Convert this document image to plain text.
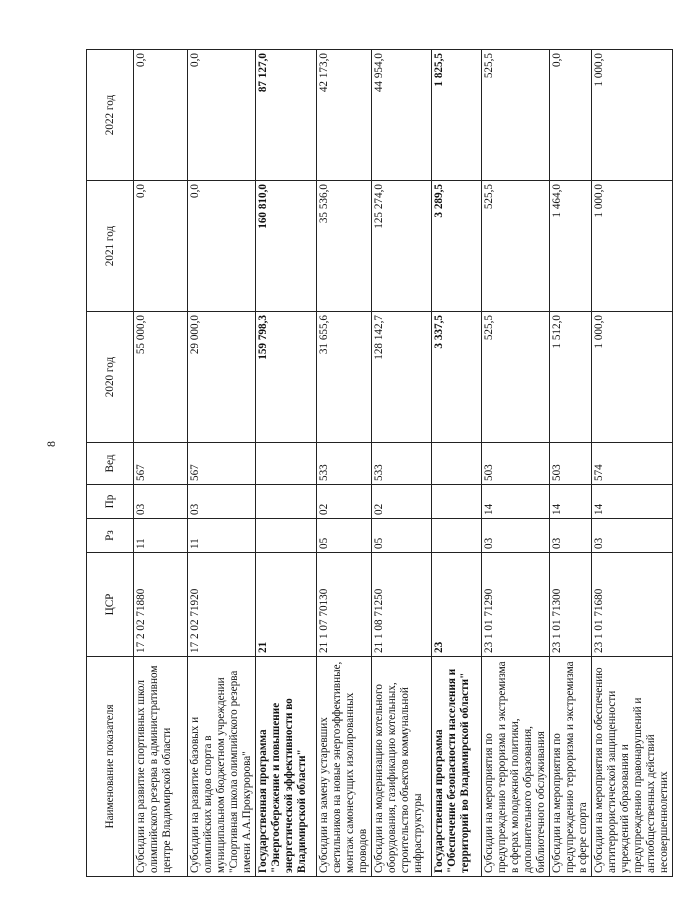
8
Наименование показателя	ЦСР	Рз	Пр	Вед	2020 год	2021 год	2022 год
Субсидии на развитие спортивных школ олимпийского резерва в административном центре Владимирской области	17 2 02 71880	11	03	567	55 000,0	0,0	0,0
Субсидии на развитие базовых и олимпийских видов спорта в муниципальном бюджетном учреждении "Спортивная школа олимпийского резерва имени А.А.Прокуророва"	17 2 02 71920	11	03	567	29 000,0	0,0	0,0
Государственная программа "Энергосбережение и повышение энергетической эффективности во Владимирской области"	21				159 798,3	160 810,0	87 127,0
Субсидии на замену устаревших светильников на новые энергоэффективные, монтаж самонесущих изолированных проводов	21 1 07 70130	05	02	533	31 655,6	35 536,0	42 173,0
Субсидии на модернизацию котельного оборудования, газификацию котельных, строительство объектов коммунальной инфраструктуры	21 1 08 71250	05	02	533	128 142,7	125 274,0	44 954,0
Государственная программа "Обеспечение безопасности населения и территорий во Владимирской области"	23				3 337,5	3 289,5	1 825,5
Субсидии на мероприятия по предупреждению терроризма и экстремизма в сферах молодежной политики, дополнительного образования, библиотечного обслуживания	23 1 01 71290	03	14	503	525,5	525,5	525,5
Субсидии на мероприятия по предупреждению терроризма и экстремизма в сфере спорта	23 1 01 71300	03	14	503	1 512,0	1 464,0	0,0
Субсидии на мероприятия по обеспечению антитеррористической защищенности учреждений образования и предупреждению правонарушений и антиобщественных действий несовершеннолетних	23 1 01 71680	03	14	574	1 000,0	1 000,0	1 000,0
